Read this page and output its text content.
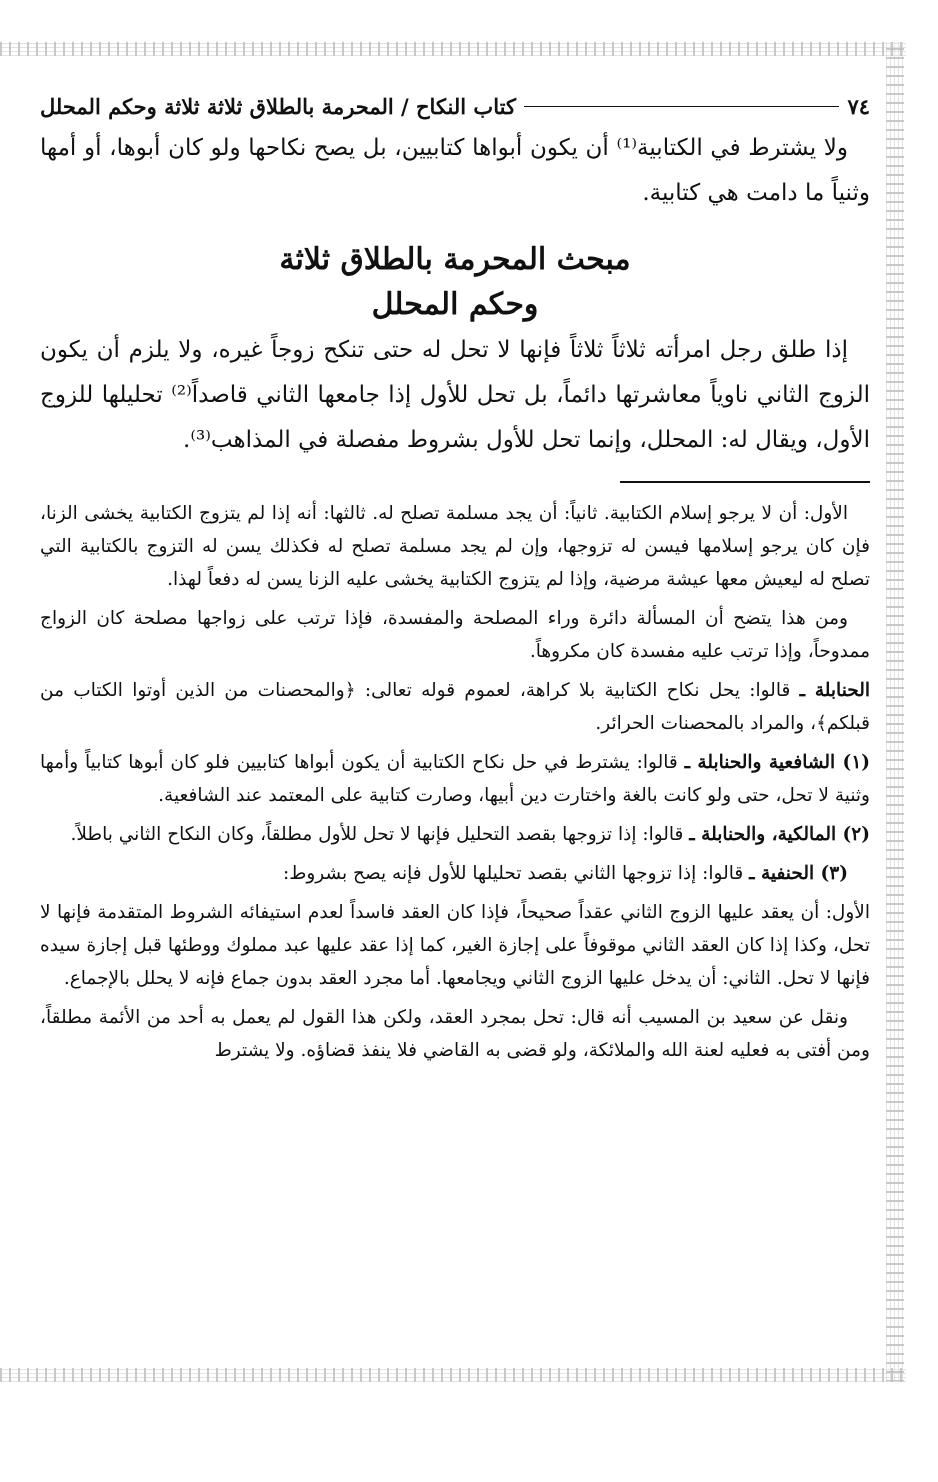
٧٤
كتاب النكاح / المحرمة بالطلاق ثلاثة ثلاثة وحكم المحلل

ولا يشترط في الكتابية⁽¹⁾ أن يكون أبواها كتابيين، بل يصح نكاحها ولو كان أبوها، أو أمها وثنياً ما دامت هي كتابية.

مبحث المحرمة بالطلاق ثلاثة

وحكم المحلل

إذا طلق رجل امرأته ثلاثاً ثلاثاً فإنها لا تحل له حتى تنكح زوجاً غيره، ولا يلزم أن يكون الزوج الثاني ناوياً معاشرتها دائماً، بل تحل للأول إذا جامعها الثاني قاصداً⁽²⁾ تحليلها للزوج الأول، ويقال له: المحلل، وإنما تحل للأول بشروط مفصلة في المذاهب⁽³⁾.

الأول: أن لا يرجو إسلام الكتابية. ثانياً: أن يجد مسلمة تصلح له. ثالثها: أنه إذا لم يتزوج الكتابية يخشى الزنا، فإن كان يرجو إسلامها فيسن له تزوجها، وإن لم يجد مسلمة تصلح له فكذلك يسن له التزوج بالكتابية التي تصلح له ليعيش معها عيشة مرضية، وإذا لم يتزوج الكتابية يخشى عليه الزنا يسن له دفعاً لهذا.

ومن هذا يتضح أن المسألة دائرة وراء المصلحة والمفسدة، فإذا ترتب على زواجها مصلحة كان الزواج ممدوحاً، وإذا ترتب عليه مفسدة كان مكروهاً.

الحنابلة ـ قالوا: يحل نكاح الكتابية بلا كراهة، لعموم قوله تعالى: ﴿والمحصنات من الذين أوتوا الكتاب من قبلكم﴾، والمراد بالمحصنات الحرائر.

(١) الشافعية والحنابلة ـ قالوا: يشترط في حل نكاح الكتابية أن يكون أبواها كتابيين فلو كان أبوها كتابياً وأمها وثنية لا تحل، حتى ولو كانت بالغة واختارت دين أبيها، وصارت كتابية على المعتمد عند الشافعية.

(٢) المالكية، والحنابلة ـ قالوا: إذا تزوجها بقصد التحليل فإنها لا تحل للأول مطلقاً، وكان النكاح الثاني باطلاً.

(٣) الحنفية ـ قالوا: إذا تزوجها الثاني بقصد تحليلها للأول فإنه يصح بشروط:

الأول: أن يعقد عليها الزوج الثاني عقداً صحيحاً، فإذا كان العقد فاسداً لعدم استيفائه الشروط المتقدمة فإنها لا تحل، وكذا إذا كان العقد الثاني موقوفاً على إجازة الغير، كما إذا عقد عليها عبد مملوك ووطئها قبل إجازة سيده فإنها لا تحل. الثاني: أن يدخل عليها الزوج الثاني ويجامعها. أما مجرد العقد بدون جماع فإنه لا يحلل بالإجماع.

ونقل عن سعيد بن المسيب أنه قال: تحل بمجرد العقد، ولكن هذا القول لم يعمل به أحد من الأئمة مطلقاً، ومن أفتى به فعليه لعنة الله والملائكة، ولو قضى به القاضي فلا ينفذ قضاؤه. ولا يشترط
